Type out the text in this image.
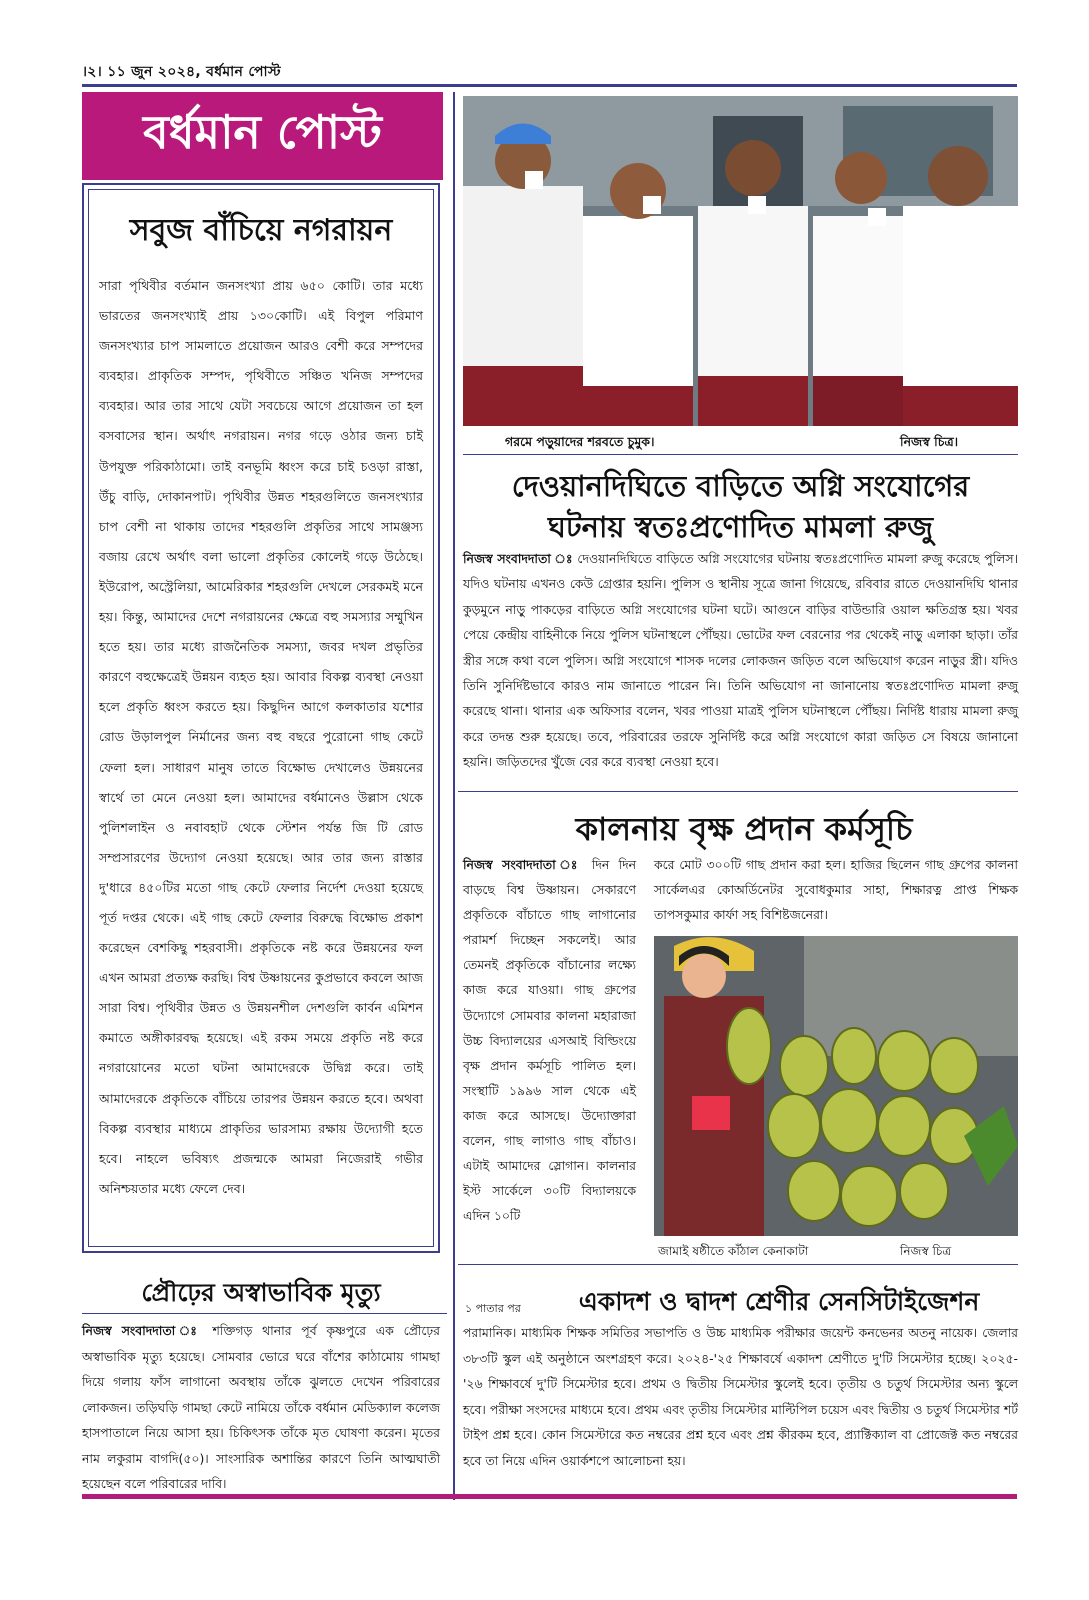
।২। ১১ জুন ২০২৪, বর্ধমান পোস্ট
বর্ধমান পোস্ট
সবুজ বাঁচিয়ে নগরায়ন
সারা পৃথিবীর বর্তমান জনসংখ্যা প্রায় ৬৫০ কোটি। তার মধ্যে ভারতের জনসংখ্যাই প্রায় ১৩০কোটি। এই বিপুল পরিমাণ জনসংখ্যার চাপ সামলাতে প্রয়োজন আরও বেশী করে সম্পদের ব্যবহার। প্রাকৃতিক সম্পদ, পৃথিবীতে সঞ্চিত খনিজ সম্পদের ব্যবহার। আর তার সাথে যেটা সবচেয়ে আগে প্রয়োজন তা হল বসবাসের স্থান। অর্থাৎ নগরায়ন। নগর গড়ে ওঠার জন্য চাই উপযুক্ত পরিকাঠামো। তাই বনভূমি ধ্বংস করে চাই চওড়া রাস্তা, উঁচু বাড়ি, দোকানপাট। পৃথিবীর উন্নত শহরগুলিতে জনসংখ্যার চাপ বেশী না থাকায় তাদের শহরগুলি প্রকৃতির সাথে সামঞ্জস্য বজায় রেখে অর্থাৎ বলা ভালো প্রকৃতির কোলেই গড়ে উঠেছে। ইউরোপ, অস্ট্রেলিয়া, আমেরিকার শহরগুলি দেখলে সেরকমই মনে হয়। কিন্তু, আমাদের দেশে নগরায়নের ক্ষেত্রে বহু সমস্যার সম্মুখিন হতে হয়। তার মধ্যে রাজনৈতিক সমস্যা, জবর দখল প্রভৃতির কারণে বহুক্ষেত্রেই উন্নয়ন ব্যহত হয়। আবার বিকল্প ব্যবস্থা নেওয়া হলে প্রকৃতি ধ্বংস করতে হয়। কিছুদিন আগে কলকাতার যশোর রোড উড়ালপুল নির্মানের জন্য বহু বছরে পুরোনো গাছ কেটে ফেলা হল। সাধারণ মানুষ তাতে বিক্ষোভ দেখালেও উন্নয়নের স্বার্থে তা মেনে নেওয়া হল। আমাদের বর্ধমানেও উল্লাস থেকে পুলিশলাইন ও নবাবহাট থেকে স্টেশন পর্যন্ত জি টি রোড সম্প্রসারণের উদ্যোগ নেওয়া হয়েছে। আর তার জন্য রাস্তার দু'ধারে ৪৫০টির মতো গাছ কেটে ফেলার নির্দেশ দেওয়া হয়েছে পূর্ত দপ্তর থেকে। এই গাছ কেটে ফেলার বিরুদ্ধে বিক্ষোভ প্রকাশ করেছেন বেশকিছু শহরবাসী। প্রকৃতিকে নষ্ট করে উন্নয়নের ফল এখন আমরা প্রত্যক্ষ করছি। বিশ্ব উষ্ণায়নের কুপ্রভাবে কবলে আজ সারা বিশ্ব। পৃথিবীর উন্নত ও উন্নয়নশীল দেশগুলি কার্বন এমিশন কমাতে অঙ্গীকারবদ্ধ হয়েছে। এই রকম সময়ে প্রকৃতি নষ্ট করে নগরায়োনের মতো ঘটনা আমাদেরকে উদ্বিগ্ন করে। তাই আমাদেরকে প্রকৃতিকে বাঁচিয়ে তারপর উন্নয়ন করতে হবে। অথবা বিকল্প ব্যবস্থার মাধ্যমে প্রাকৃতির ভারসাম্য রক্ষায় উদ্যোগী হতে হবে। নাহলে ভবিষ্যৎ প্রজন্মকে আমরা নিজেরাই গভীর অনিশ্চয়তার মধ্যে ফেলে দেব।
গরমে পড়ুয়াদের শরবতে চুমুক।	নিজস্ব চিত্র।
দেওয়ানদিঘিতে বাড়িতে অগ্নি সংযোগের
ঘটনায় স্বতঃপ্রণোদিত মামলা রুজু
নিজস্ব সংবাদদাতা ঃ দেওয়ানদিঘিতে বাড়িতে অগ্নি সংযোগের ঘটনায় স্বতঃপ্রণোদিত মামলা রুজু করেছে পুলিস। যদিও ঘটনায় এখনও কেউ গ্রেপ্তার হয়নি। পুলিস ও স্থানীয় সূত্রে জানা গিয়েছে, রবিবার রাতে দেওয়ানদিঘি থানার কুড়মুনে নাড়ু পাকড়ের বাড়িতে অগ্নি সংযোগের ঘটনা ঘটে। আগুনে বাড়ির বাউন্ডারি ওয়াল ক্ষতিগ্রস্ত হয়। খবর পেয়ে কেন্দ্রীয় বাহিনীকে নিয়ে পুলিস ঘটনাস্থলে পৌঁছয়। ভোটের ফল বেরনোর পর থেকেই নাড়ু এলাকা ছাড়া। তাঁর স্ত্রীর সঙ্গে কথা বলে পুলিস। অগ্নি সংযোগে শাসক দলের লোকজন জড়িত বলে অভিযোগ করেন নাড়ুর স্ত্রী। যদিও তিনি সুনির্দিষ্টভাবে কারও নাম জানাতে পারেন নি। তিনি অভিযোগ না জানানোয় স্বতঃপ্রণোদিত মামলা রুজু করেছে থানা। থানার এক অফিসার বলেন, খবর পাওয়া মাত্রই পুলিস ঘটনাস্থলে পৌঁছয়। নির্দিষ্ট ধারায় মামলা রুজু করে তদন্ত শুরু হয়েছে। তবে, পরিবারের তরফে সুনির্দিষ্ট করে অগ্নি সংযোগে কারা জড়িত সে বিষয়ে জানানো হয়নি। জড়িতদের খুঁজে বের করে ব্যবস্থা নেওয়া হবে।
কালনায় বৃক্ষ প্রদান কর্মসূচি
নিজস্ব সংবাদদাতা ঃ দিন দিন বাড়ছে বিশ্ব উষ্ণায়ন। সেকারণে প্রকৃতিকে বাঁচাতে গাছ লাগানোর পরামর্শ দিচ্ছেন সকলেই। আর তেমনই প্রকৃতিকে বাঁচানোর লক্ষ্যে কাজ করে যাওয়া। গাছ গ্রুপের উদ্যোগে সোমবার কালনা মহারাজা উচ্চ বিদ্যালয়ের এসআই বিল্ডিংয়ে বৃক্ষ প্রদান কর্মসূচি পালিত হল। সংস্থাটি ১৯৯৬ সাল থেকে এই কাজ করে আসছে। উদ্যোক্তারা বলেন, গাছ লাগাও গাছ বাঁচাও। এটাই আমাদের স্লোগান। কালনার ইস্ট সার্কেলে ৩০টি বিদ্যালয়কে এদিন ১০টি
করে মোট ৩০০টি গাছ প্রদান করা হল। হাজির ছিলেন গাছ গ্রুপের কালনা সার্কেলএর কোঅর্ডিনেটর সুবোধকুমার সাহা, শিক্ষারত্ন প্রাপ্ত শিক্ষক তাপসকুমার কার্ফা সহ বিশিষ্টজনেরা।
জামাই ষষ্ঠীতে কাঁঠাল কেনাকাটা	নিজস্ব চিত্র
প্রৌঢ়ের অস্বাভাবিক মৃত্যু
নিজস্ব সংবাদদাতা ঃ শক্তিগড় থানার পূর্ব কৃষ্ণপুরে এক প্রৌঢ়ের অস্বাভাবিক মৃত্যু হয়েছে। সোমবার ভোরে ঘরে বাঁশের কাঠামোয় গামছা দিয়ে গলায় ফাঁস লাগানো অবস্থায় তাঁকে ঝুলতে দেখেন পরিবারের লোকজন। তড়িঘড়ি গামছা কেটে নামিয়ে তাঁকে বর্ধমান মেডিক্যাল কলেজ হাসপাতালে নিয়ে আসা হয়। চিকিৎসক তাঁকে মৃত ঘোষণা করেন। মৃতের নাম লকুরাম বাগদি(৫০)। সাংসারিক অশান্তির কারণে তিনি আত্মঘাতী হয়েছেন বলে পরিবারের দাবি।
১ পাতার পর	একাদশ ও দ্বাদশ শ্রেণীর সেনসিটাইজেশন
পরামানিক। মাধ্যমিক শিক্ষক সমিতির সভাপতি ও উচ্চ মাধ্যমিক পরীক্ষার জয়েন্ট কনভেনর অতনু নায়েক। জেলার ৩৮৩টি স্কুল এই অনুষ্ঠানে অংশগ্রহণ করে। ২০২৪-'২৫ শিক্ষাবর্ষে একাদশ শ্রেণীতে দু'টি সিমেস্টার হচ্ছে। ২০২৫-'২৬ শিক্ষাবর্ষে দু'টি সিমেস্টার হবে। প্রথম ও দ্বিতীয় সিমেস্টার স্কুলেই হবে। তৃতীয় ও চতুর্থ সিমেস্টার অন্য স্কুলে হবে। পরীক্ষা সংসদের মাধ্যমে হবে। প্রথম এবং তৃতীয় সিমেস্টার মাল্টিপিল চয়েস এবং দ্বিতীয় ও চতুর্থ সিমেস্টার শর্ট টাইপ প্রশ্ন হবে। কোন সিমেস্টারে কত নম্বরের প্রশ্ন হবে এবং প্রশ্ন কীরকম হবে, প্র্যাক্টিক্যাল বা প্রোজেক্ট কত নম্বরের হবে তা নিয়ে এদিন ওয়ার্কশপে আলোচনা হয়।
